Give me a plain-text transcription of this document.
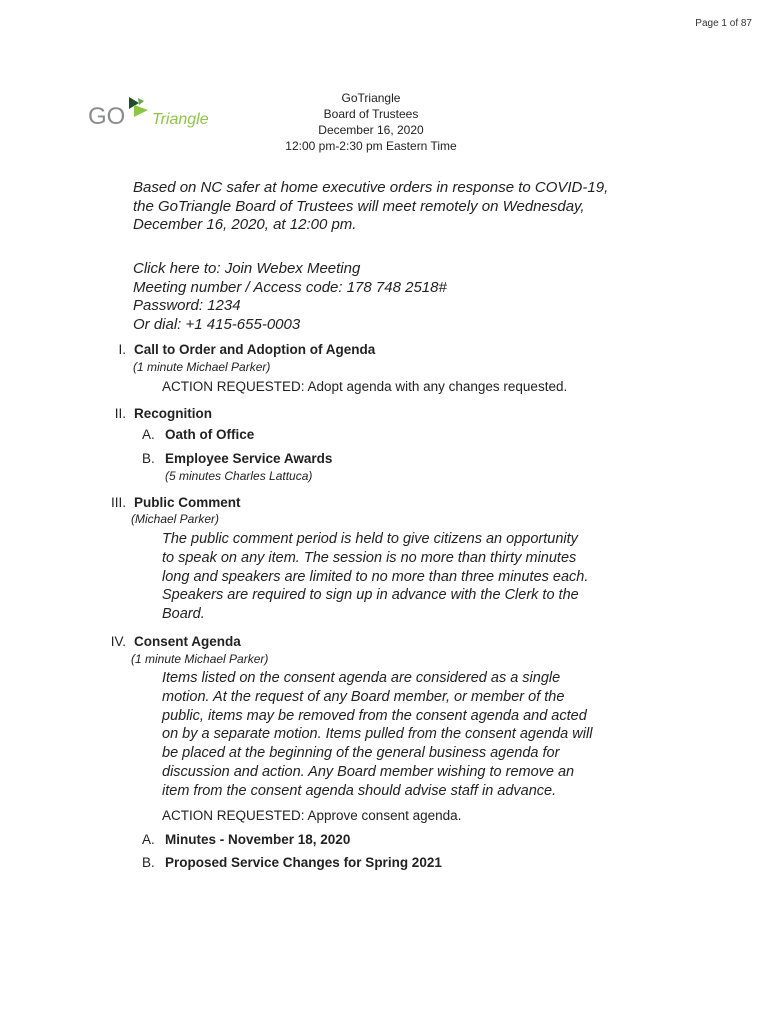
Page 1 of 87
GO Triangle
GoTriangle
Board of Trustees
December 16, 2020
12:00 pm-2:30 pm Eastern Time
Based on NC safer at home executive orders in response to COVID-19,
the GoTriangle Board of Trustees will meet remotely on Wednesday,
December 16, 2020, at 12:00 pm.
Click here to: Join Webex Meeting
Meeting number / Access code: 178 748 2518#
Password: 1234
Or dial: +1 415-655-0003
I. Call to Order and Adoption of Agenda
(1 minute Michael Parker)
ACTION REQUESTED: Adopt agenda with any changes requested.
II. Recognition
A. Oath of Office
B. Employee Service Awards
(5 minutes Charles Lattuca)
III. Public Comment
(Michael Parker)
The public comment period is held to give citizens an opportunity
to speak on any item. The session is no more than thirty minutes
long and speakers are limited to no more than three minutes each.
Speakers are required to sign up in advance with the Clerk to the
Board.
IV. Consent Agenda
(1 minute Michael Parker)
Items listed on the consent agenda are considered as a single
motion. At the request of any Board member, or member of the
public, items may be removed from the consent agenda and acted
on by a separate motion. Items pulled from the consent agenda will
be placed at the beginning of the general business agenda for
discussion and action. Any Board member wishing to remove an
item from the consent agenda should advise staff in advance.
ACTION REQUESTED: Approve consent agenda.
A. Minutes - November 18, 2020
B. Proposed Service Changes for Spring 2021
